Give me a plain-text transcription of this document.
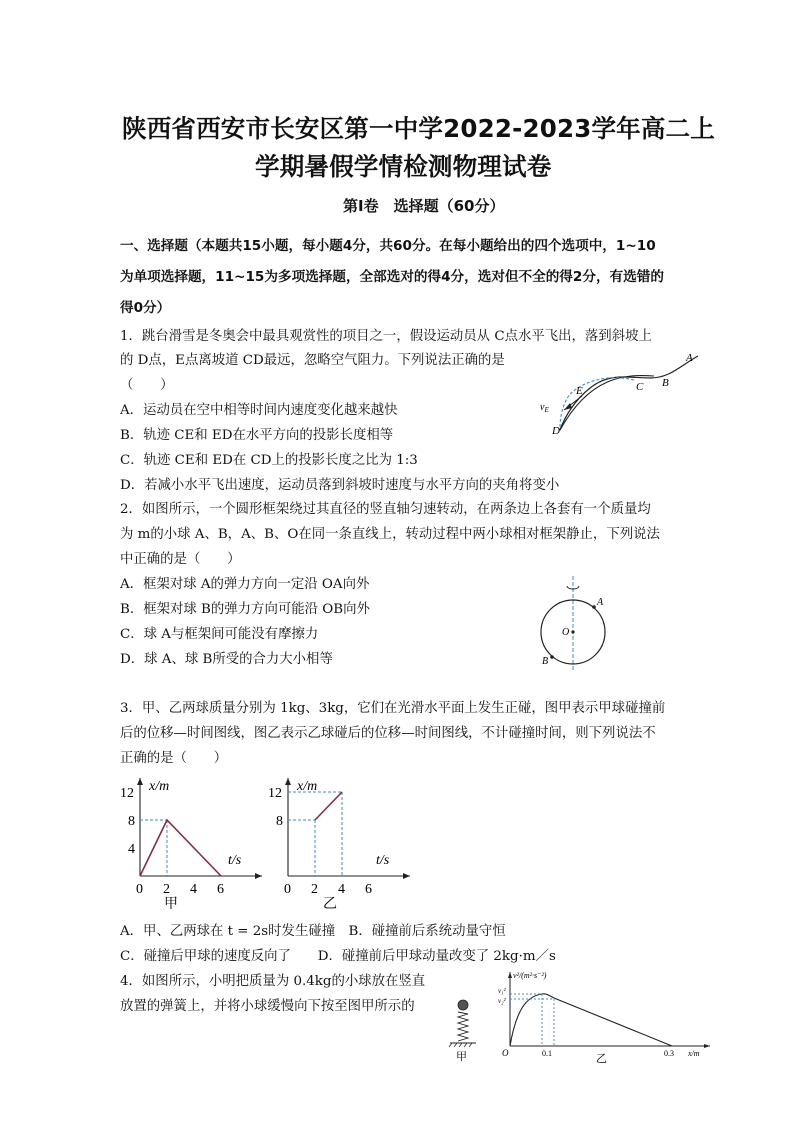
陕西省西安市长安区第一中学2022-2023学年高二上
学期暑假学情检测物理试卷
第Ⅰ卷　选择题（60分）
一、选择题（本题共15小题，每小题4分，共60分。在每小题给出的四个选项中，1~10
为单项选择题，11~15为多项选择题，全部选对的得4分，选对但不全的得2分，有选错的
得0分）
1．跳台滑雪是冬奥会中最具观赏性的项目之一，假设运动员从 C点水平飞出，落到斜坡上
的 D点，E点离坡道 CD最远，忽略空气阻力。下列说法正确的是
（　　）
A．运动员在空中相等时间内速度变化越来越快
B．轨迹 CE和 ED在水平方向的投影长度相等
C．轨迹 CE和 ED在 CD上的投影长度之比为 1:3
D．若减小水平飞出速度，运动员落到斜坡时速度与水平方向的夹角将变小
A
B
C
D
E
$v_E$
2．如图所示，一个圆形框架绕过其直径的竖直轴匀速转动，在两条边上各套有一个质量均
为 m的小球 A、B，A、B、O在同一条直线上，转动过程中两小球相对框架静止，下列说法
中正确的是（　　）
A．框架对球 A的弹力方向一定沿 OA向外
B．框架对球 B的弹力方向可能沿 OB向外
C．球 A与框架间可能没有摩擦力
D．球 A、球 B所受的合力大小相等
O
A
B
3．甲、乙两球质量分别为 1kg、3kg，它们在光滑水平面上发生正碰，图甲表示甲球碰撞前
后的位移—时间图线，图乙表示乙球碰后的位移—时间图线，不计碰撞时间，则下列说法不
正确的是（　　）
0 2 4 6
4
8
12 x/m
t/s
甲
0 2 4 6
8
12 x/m
t/s
乙
A．甲、乙两球在 t = 2s时发生碰撞　B．碰撞前后系统动量守恒
C．碰撞后甲球的速度反向了　　D．碰撞前后甲球动量改变了 2kg·m／s
4．如图所示，小明把质量为 0.4kg的小球放在竖直
放置的弹簧上，并将小球缓慢向下按至图甲所示的
甲
v²/(m²·s⁻²)
v₁²
v₂²
O	0.1	0.3 x/m
乙
